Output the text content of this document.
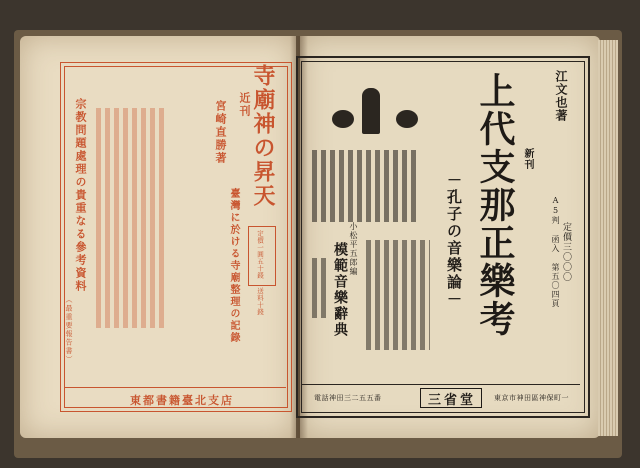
近刊
宮崎直勝著 寺廟神の昇天
臺灣に於ける寺廟整理の記錄
宗教問題處理の貴重なる參考資料
（最重要報告書）
定價一圓五十錢 送料十錢
東都書籍臺北支店
江文也著
上代支那正樂考
－孔子の音樂論－
新刊
A5判 函入 第五〇四頁 定價三〇〇〇
小松平五郎編
模範音樂辭典
電話神田三二五五番	三省堂	東京市神田區神保町一
